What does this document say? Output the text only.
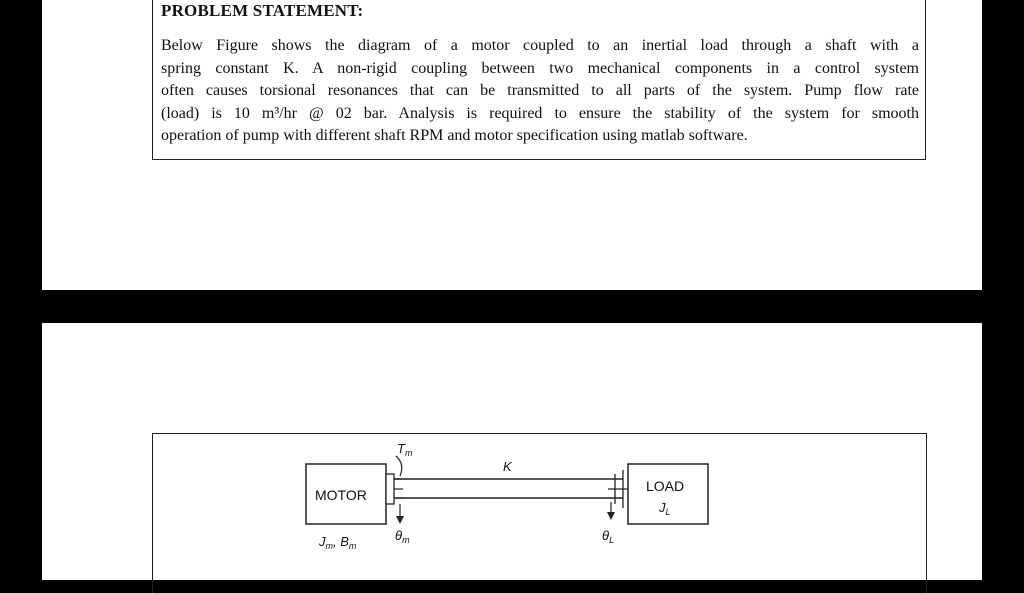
PROBLEM STATEMENT:
Below Figure shows the diagram of a motor coupled to an inertial load through a shaft with a
spring constant K. A non-rigid coupling between two mechanical components in a control system
often causes torsional resonances that can be transmitted to all parts of the system. Pump flow rate
(load) is 10 m³/hr @ 02 bar. Analysis is required to ensure the stability of the system for smooth
operation of pump with different shaft RPM and motor specification using matlab software.
MOTOR
LOAD
$J_L$
$T_m$
$\theta_m$
K
$\theta_L$
$J_m$, $B_m$
